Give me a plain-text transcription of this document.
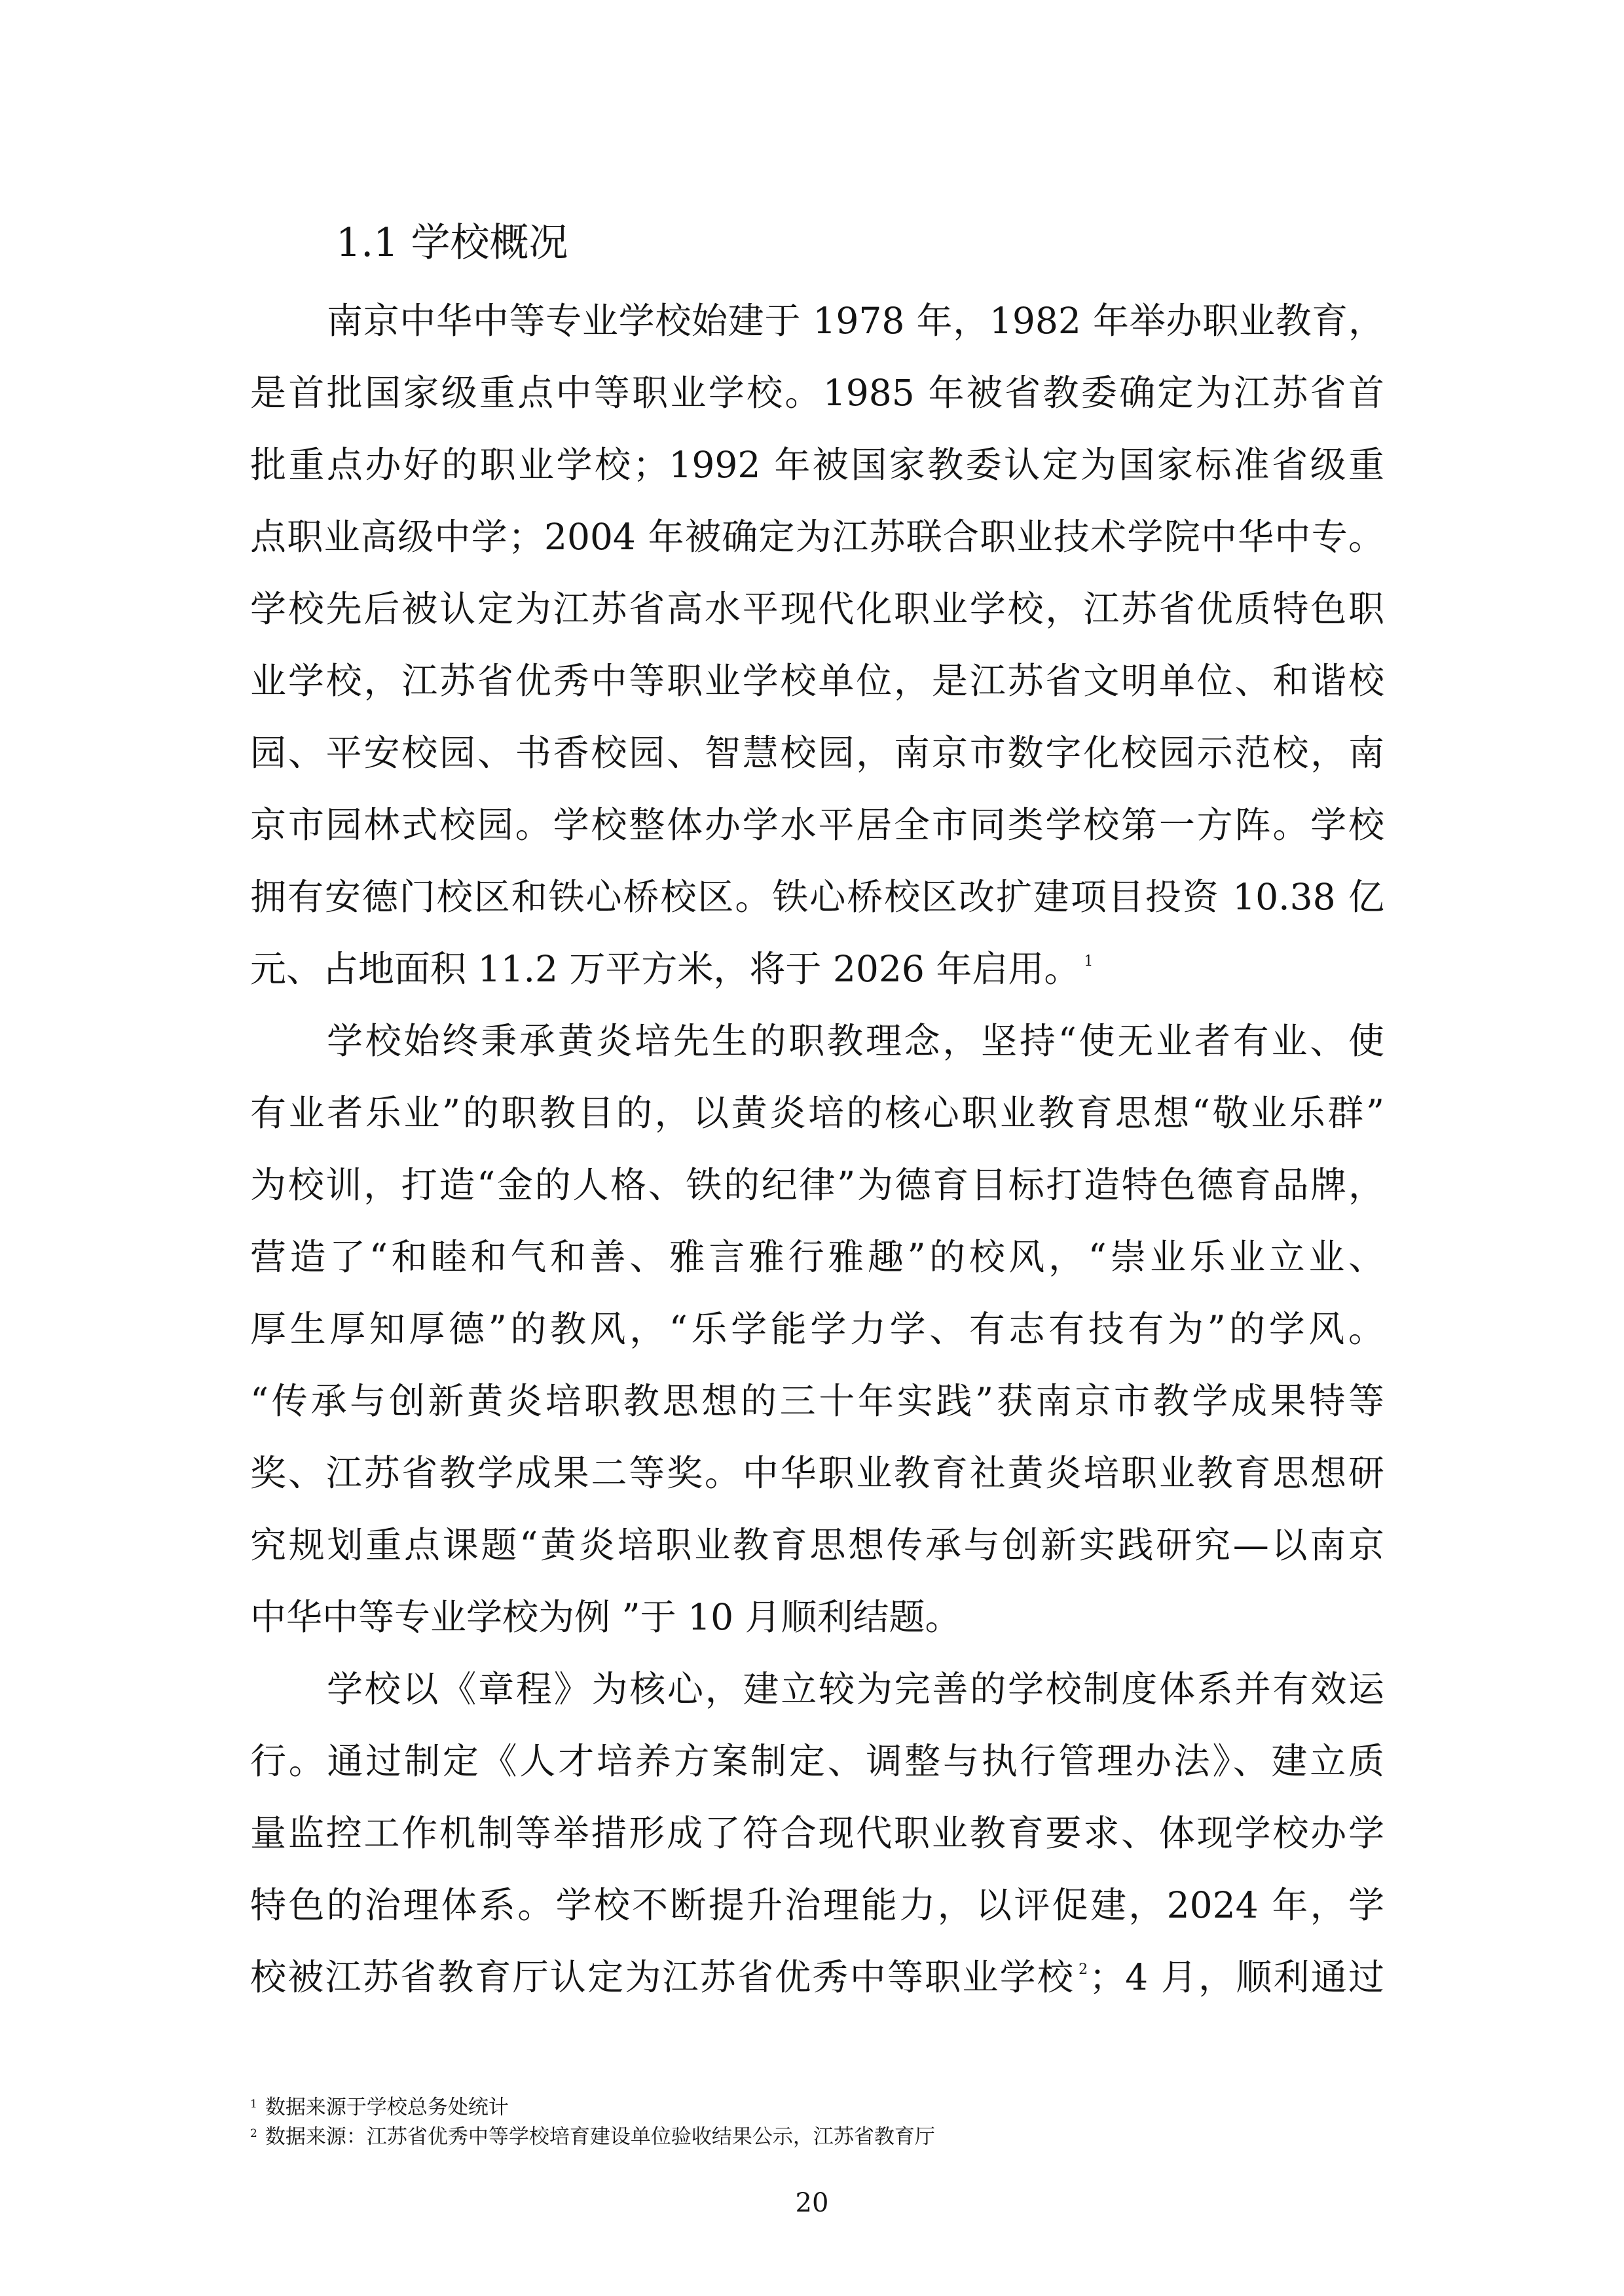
1.1 学校概况
南京中华中等专业学校始建于 1978 年，1982 年举办职业教育，
是首批国家级重点中等职业学校。1985 年被省教委确定为江苏省首
批重点办好的职业学校；1992 年被国家教委认定为国家标准省级重
点职业高级中学；2004 年被确定为江苏联合职业技术学院中华中专。
学校先后被认定为江苏省高水平现代化职业学校，江苏省优质特色职
业学校，江苏省优秀中等职业学校单位，是江苏省文明单位、和谐校
园、平安校园、书香校园、智慧校园，南京市数字化校园示范校，南
京市园林式校园。学校整体办学水平居全市同类学校第一方阵。学校
拥有安德门校区和铁心桥校区。铁心桥校区改扩建项目投资 10.38 亿
元、占地面积 11.2 万平方米，将于 2026 年启用。 $^1$
学校始终秉承黄炎培先生的职教理念，坚持“使无业者有业、使
有业者乐业”的职教目的，以黄炎培的核心职业教育思想“敬业乐群”
为校训，打造“金的人格、铁的纪律”为德育目标打造特色德育品牌，
营造了“和睦和气和善、雅言雅行雅趣”的校风，“崇业乐业立业、
厚生厚知厚德”的教风，“乐学能学力学、有志有技有为”的学风。
“传承与创新黄炎培职教思想的三十年实践”获南京市教学成果特等
奖、江苏省教学成果二等奖。中华职业教育社黄炎培职业教育思想研
究规划重点课题“黄炎培职业教育思想传承与创新实践研究—以南京
中华中等专业学校为例 ”于 10 月顺利结题。
学校以《章程》为核心，建立较为完善的学校制度体系并有效运
行。通过制定《人才培养方案制定、调整与执行管理办法》、建立质
量监控工作机制等举措形成了符合现代职业教育要求、体现学校办学
特色的治理体系。学校不断提升治理能力，以评促建，2024 年，学
校被江苏省教育厅认定为江苏省优秀中等职业学校 $^2$；4 月，顺利通过
$^1$ 数据来源于学校总务处统计
$^2$ 数据来源：江苏省优秀中等学校培育建设单位验收结果公示，江苏省教育厅
20
